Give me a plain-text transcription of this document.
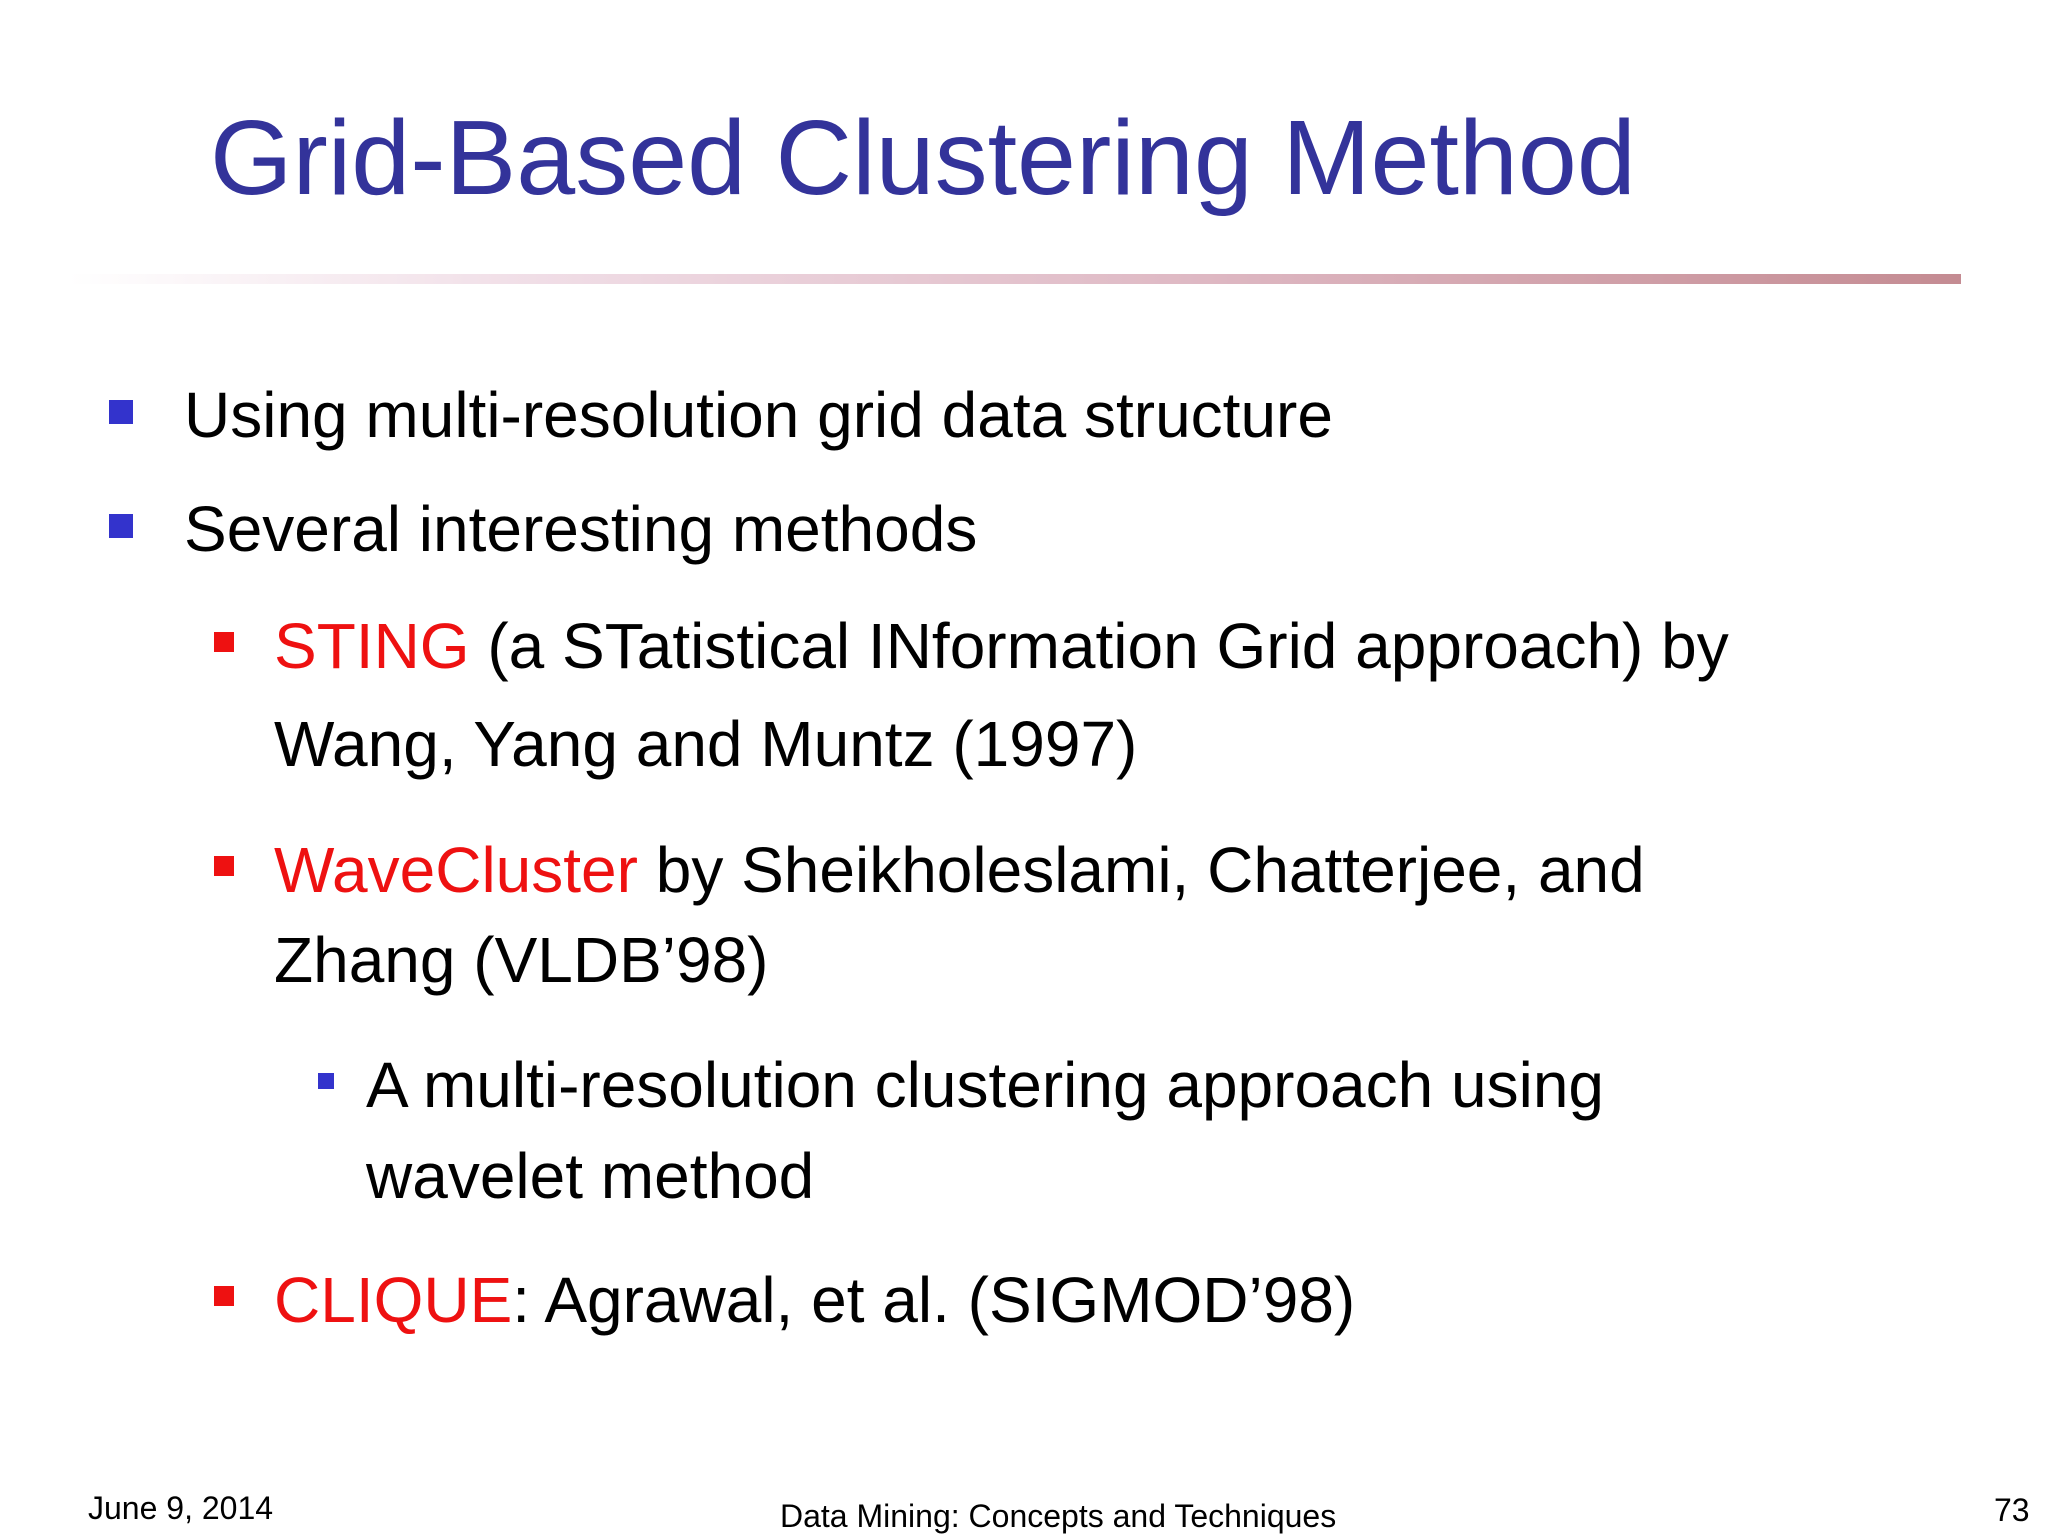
Grid-Based Clustering Method
Using multi-resolution grid data structure
Several interesting methods
STING (a STatistical INformation Grid approach) by
Wang, Yang and Muntz (1997)
WaveCluster by Sheikholeslami, Chatterjee, and
Zhang (VLDB’98)
A multi-resolution clustering approach using
wavelet method
CLIQUE: Agrawal, et al. (SIGMOD’98)
June 9, 2014	Data Mining: Concepts and Techniques	73
